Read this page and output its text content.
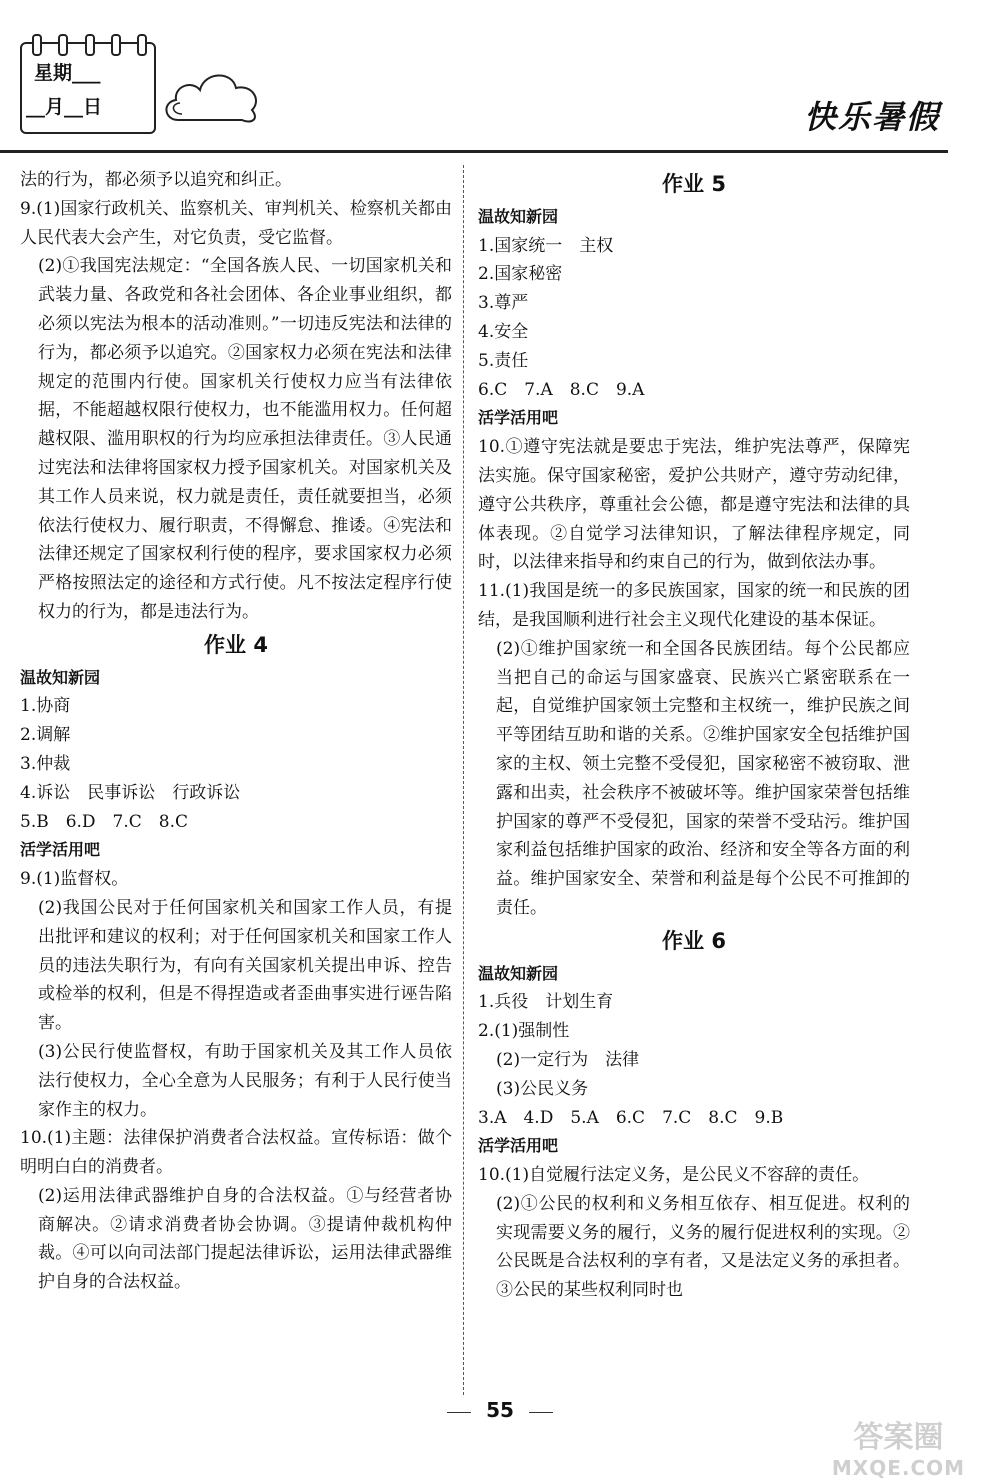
星期___
__月__日	快乐暑假
法的行为，都必须予以追究和纠正。
9.(1)国家行政机关、监察机关、审判机关、检察机关都由人民代表大会产生，对它负责，受它监督。
(2)①我国宪法规定：“全国各族人民、一切国家机关和武装力量、各政党和各社会团体、各企业事业组织，都必须以宪法为根本的活动准则。”一切违反宪法和法律的行为，都必须予以追究。②国家权力必须在宪法和法律规定的范围内行使。国家机关行使权力应当有法律依据，不能超越权限行使权力，也不能滥用权力。任何超越权限、滥用职权的行为均应承担法律责任。③人民通过宪法和法律将国家权力授予国家机关。对国家机关及其工作人员来说，权力就是责任，责任就要担当，必须依法行使权力、履行职责，不得懈怠、推诿。④宪法和法律还规定了国家权利行使的程序，要求国家权力必须严格按照法定的途径和方式行使。凡不按法定程序行使权力的行为，都是违法行为。
作业 4
温故知新园
1.协商
2.调解
3.仲裁
4.诉讼　民事诉讼　行政诉讼
5.B　6.D　7.C　8.C
活学活用吧
9.(1)监督权。
(2)我国公民对于任何国家机关和国家工作人员，有提出批评和建议的权利；对于任何国家机关和国家工作人员的违法失职行为，有向有关国家机关提出申诉、控告或检举的权利，但是不得捏造或者歪曲事实进行诬告陷害。
(3)公民行使监督权，有助于国家机关及其工作人员依法行使权力，全心全意为人民服务；有利于人民行使当家作主的权力。
10.(1)主题：法律保护消费者合法权益。宣传标语：做个明明白白的消费者。
(2)运用法律武器维护自身的合法权益。①与经营者协商解决。②请求消费者协会协调。③提请仲裁机构仲裁。④可以向司法部门提起法律诉讼，运用法律武器维护自身的合法权益。
作业 5
温故知新园
1.国家统一　主权
2.国家秘密
3.尊严
4.安全
5.责任
6.C　7.A　8.C　9.A
活学活用吧
10.①遵守宪法就是要忠于宪法，维护宪法尊严，保障宪法实施。保守国家秘密，爱护公共财产，遵守劳动纪律，遵守公共秩序，尊重社会公德，都是遵守宪法和法律的具体表现。②自觉学习法律知识，了解法律程序规定，同时，以法律来指导和约束自己的行为，做到依法办事。
11.(1)我国是统一的多民族国家，国家的统一和民族的团结，是我国顺利进行社会主义现代化建设的基本保证。
(2)①维护国家统一和全国各民族团结。每个公民都应当把自己的命运与国家盛衰、民族兴亡紧密联系在一起，自觉维护国家领土完整和主权统一，维护民族之间平等团结互助和谐的关系。②维护国家安全包括维护国家的主权、领土完整不受侵犯，国家秘密不被窃取、泄露和出卖，社会秩序不被破坏等。维护国家荣誉包括维护国家的尊严不受侵犯，国家的荣誉不受玷污。维护国家利益包括维护国家的政治、经济和安全等各方面的利益。维护国家安全、荣誉和利益是每个公民不可推卸的责任。
作业 6
温故知新园
1.兵役　计划生育
2.(1)强制性
(2)一定行为　法律
(3)公民义务
3.A　4.D　5.A　6.C　7.C　8.C　9.B
活学活用吧
10.(1)自觉履行法定义务，是公民义不容辞的责任。
(2)①公民的权利和义务相互依存、相互促进。权利的实现需要义务的履行，义务的履行促进权利的实现。②公民既是合法权利的享有者，又是法定义务的承担者。③公民的某些权利同时也
55
答案圈
MXQE.COM
